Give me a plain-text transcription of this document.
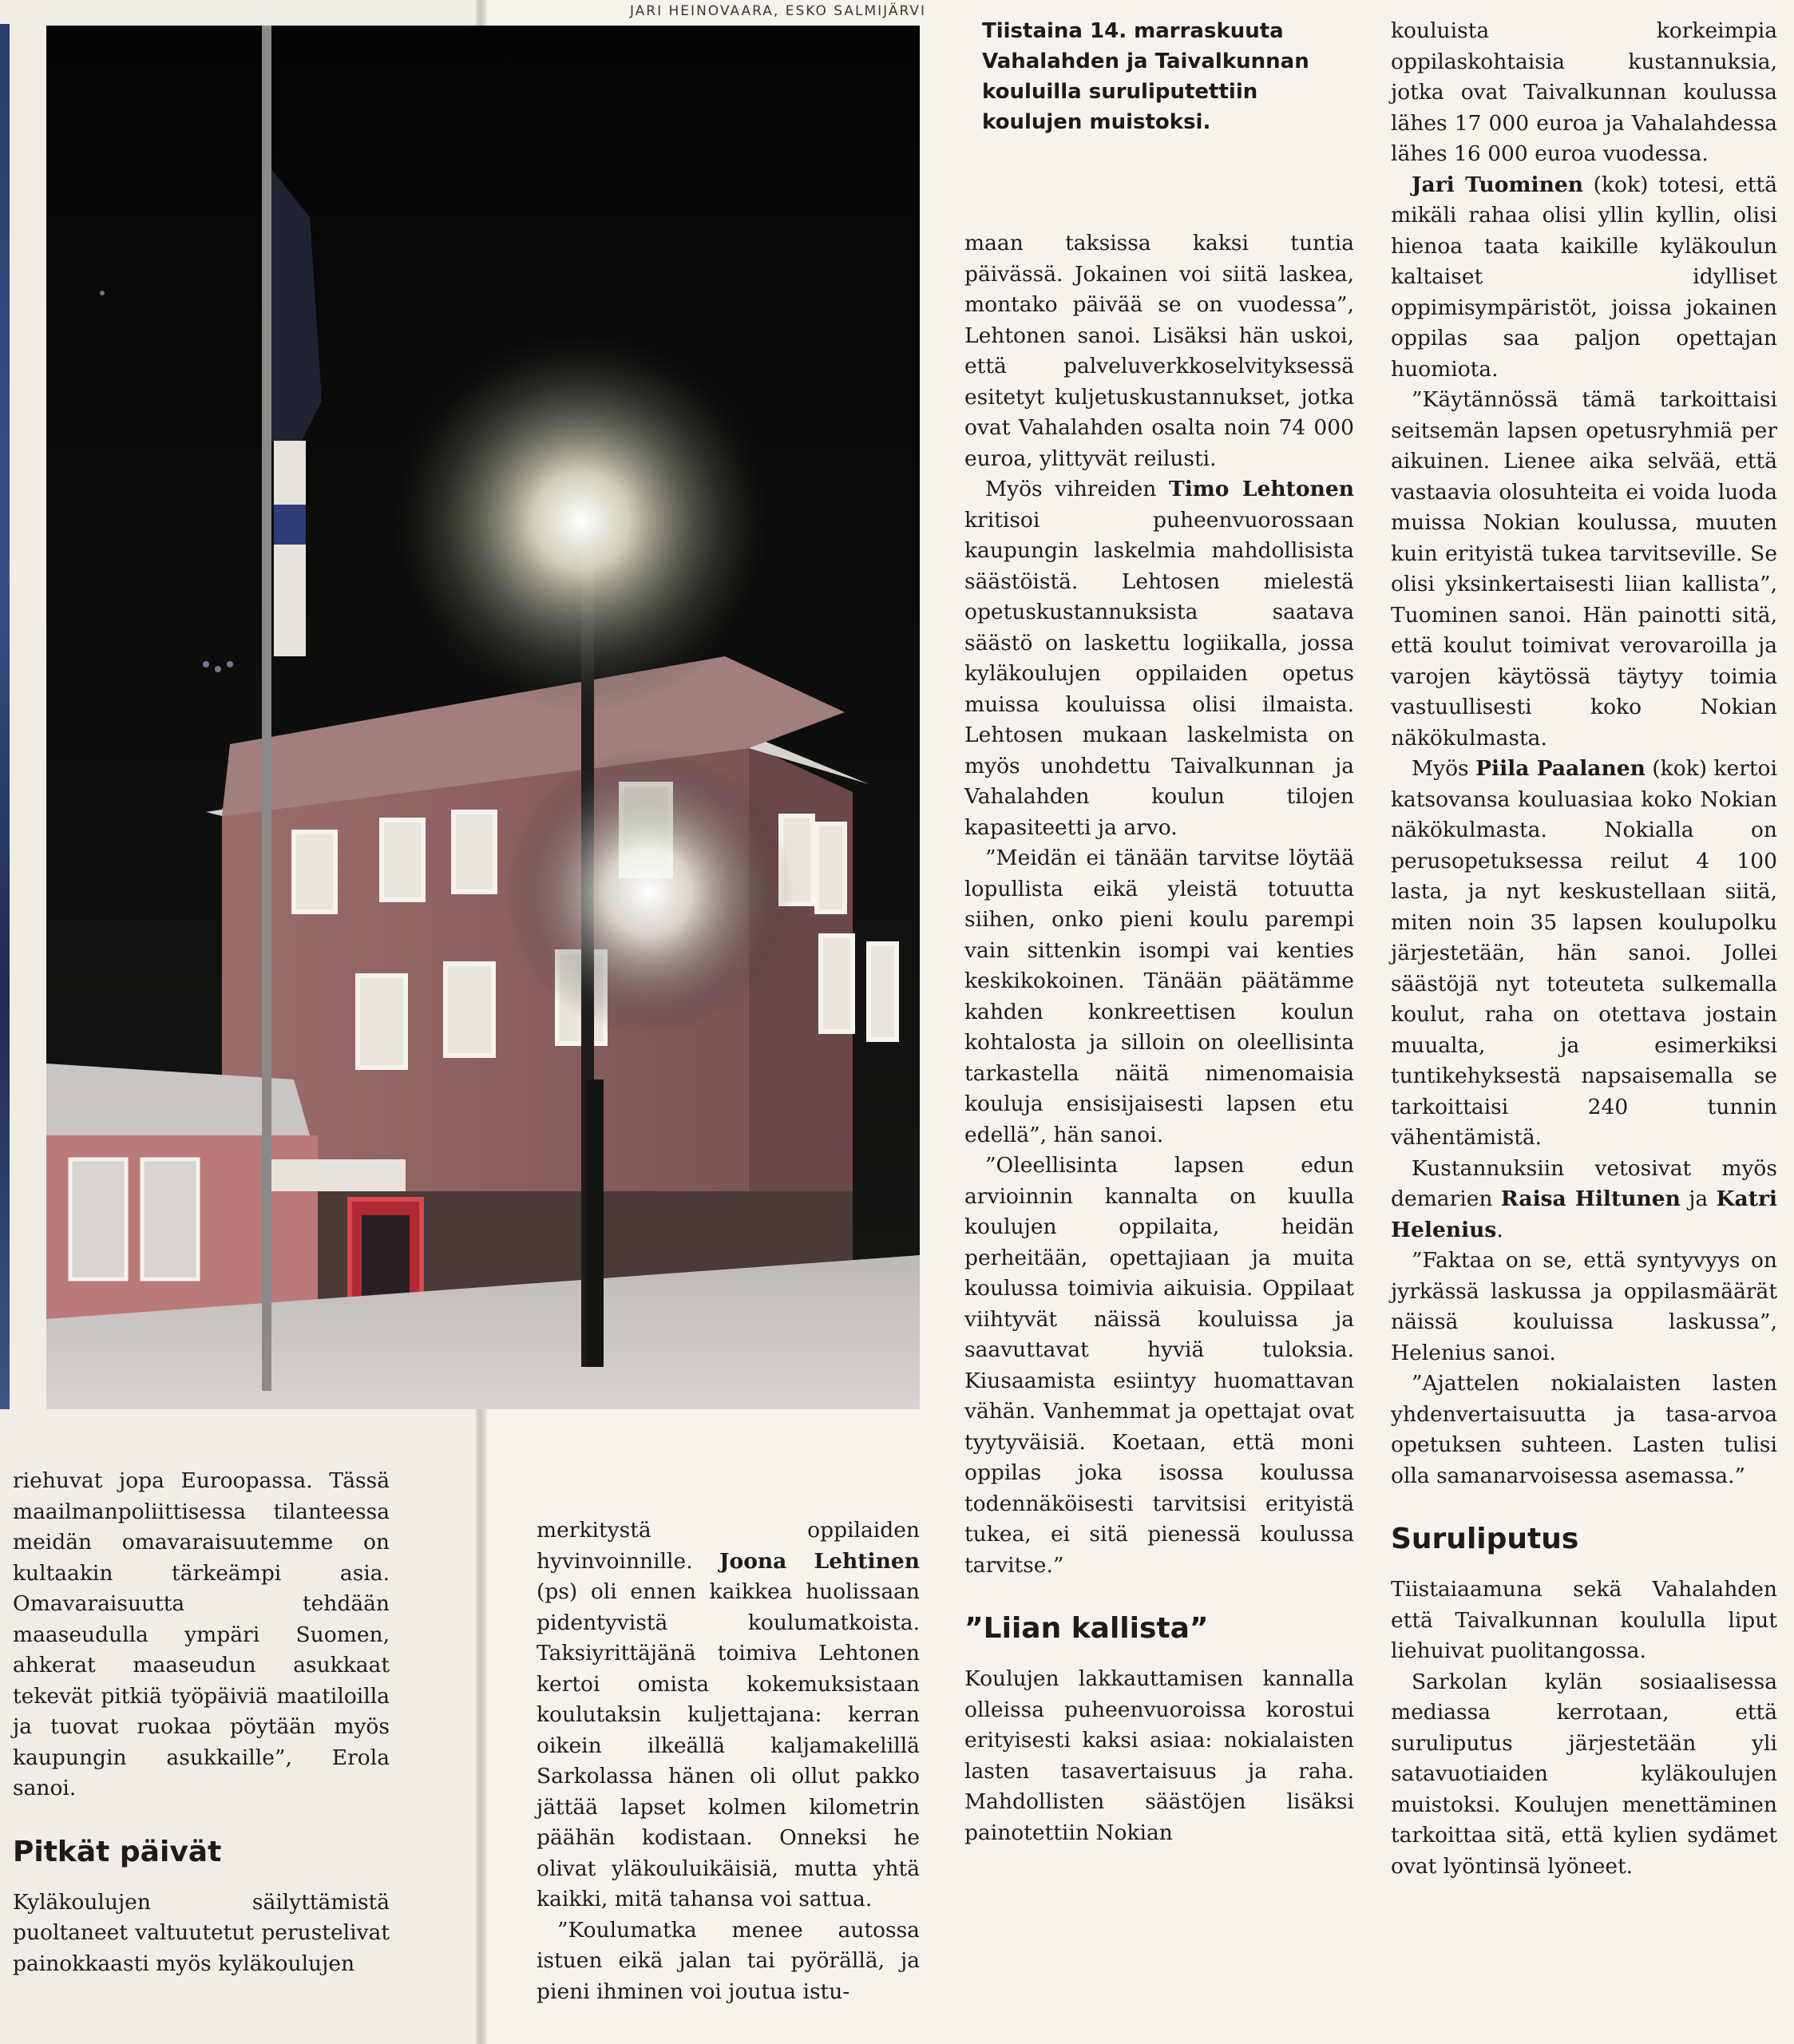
JARI HEINOVAARA, ESKO SALMIJÄRVI
Tiistaina 14. marraskuuta Vahalahden ja Taivalkunnan kouluilla suruliputettiin koulujen muistoksi.

riehuvat jopa Euroopassa. Tässä maailmanpoliittisessa tilanteessa meidän omavaraisuutemme on kultaakin tärkeämpi asia. Omavaraisuutta tehdään maaseudulla ympäri Suomen, ahkerat maaseudun asukkaat tekevät pitkiä työpäiviä maatiloilla ja tuovat ruokaa pöytään myös kaupungin asukkaille”, Erola sanoi.

Pitkät päivät

Kyläkoulujen säilyttämistä puoltaneet valtuutetut perustelivat painokkaasti myös kyläkoulujen

merkitystä oppilaiden hyvinvoinnille. Joona Lehtinen (ps) oli ennen kaikkea huolissaan pidentyvistä koulumatkoista. Taksiyrittäjänä toimiva Lehtonen kertoi omista kokemuksistaan koulutaksin kuljettajana: kerran oikein ilkeällä kaljamakelillä Sarkolassa hänen oli ollut pakko jättää lapset kolmen kilometrin päähän kodistaan. Onneksi he olivat yläkouluikäisiä, mutta yhtä kaikki, mitä tahansa voi sattua.

”Koulumatka menee autossa istuen eikä jalan tai pyörällä, ja pieni ihminen voi joutua istu-

maan taksissa kaksi tuntia päivässä. Jokainen voi siitä laskea, montako päivää se on vuodessa”, Lehtonen sanoi. Lisäksi hän uskoi, että palveluverkkoselvityksessä esitetyt kuljetuskustannukset, jotka ovat Vahalahden osalta noin 74 000 euroa, ylittyvät reilusti.

Myös vihreiden Timo Lehtonen kritisoi puheenvuorossaan kaupungin laskelmia mahdollisista säästöistä. Lehtosen mielestä opetuskustannuksista saatava säästö on laskettu logiikalla, jossa kyläkoulujen oppilaiden opetus muissa kouluissa olisi ilmaista. Lehtosen mukaan laskelmista on myös unohdettu Taivalkunnan ja Vahalahden koulun tilojen kapasiteetti ja arvo.

”Meidän ei tänään tarvitse löytää lopullista eikä yleistä totuutta siihen, onko pieni koulu parempi vain sittenkin isompi vai kenties keskikokoinen. Tänään päätämme kahden konkreettisen koulun kohtalosta ja silloin on oleellisinta tarkastella näitä nimenomaisia kouluja ensisijaisesti lapsen etu edellä”, hän sanoi.

”Oleellisinta lapsen edun arvioinnin kannalta on kuulla koulujen oppilaita, heidän perheitään, opettajiaan ja muita koulussa toimivia aikuisia. Oppilaat viihtyvät näissä kouluissa ja saavuttavat hyviä tuloksia. Kiusaamista esiintyy huomattavan vähän. Vanhemmat ja opettajat ovat tyytyväisiä. Koetaan, että moni oppilas joka isossa koulussa todennäköisesti tarvitsisi erityistä tukea, ei sitä pienessä koulussa tarvitse.”

”Liian kallista”

Koulujen lakkauttamisen kannalla olleissa puheenvuoroissa korostui erityisesti kaksi asiaa: nokialaisten lasten tasavertaisuus ja raha. Mahdollisten säästöjen lisäksi painotettiin Nokian

kouluista korkeimpia oppilaskohtaisia kustannuksia, jotka ovat Taivalkunnan koulussa lähes 17 000 euroa ja Vahalahdessa lähes 16 000 euroa vuodessa.

Jari Tuominen (kok) totesi, että mikäli rahaa olisi yllin kyllin, olisi hienoa taata kaikille kyläkoulun kaltaiset idylliset oppimisympäristöt, joissa jokainen oppilas saa paljon opettajan huomiota.

”Käytännössä tämä tarkoittaisi seitsemän lapsen opetusryhmiä per aikuinen. Lienee aika selvää, että vastaavia olosuhteita ei voida luoda muissa Nokian koulussa, muuten kuin erityistä tukea tarvitseville. Se olisi yksinkertaisesti liian kallista”, Tuominen sanoi. Hän painotti sitä, että koulut toimivat verovaroilla ja varojen käytössä täytyy toimia vastuullisesti koko Nokian näkökulmasta.

Myös Piila Paalanen (kok) kertoi katsovansa kouluasiaa koko Nokian näkökulmasta. Nokialla on perusopetuksessa reilut 4 100 lasta, ja nyt keskustellaan siitä, miten noin 35 lapsen koulupolku järjestetään, hän sanoi. Jollei säästöjä nyt toteuteta sulkemalla koulut, raha on otettava jostain muualta, ja esimerkiksi tuntikehyksestä napsaisemalla se tarkoittaisi 240 tunnin vähentämistä.

Kustannuksiin vetosivat myös demarien Raisa Hiltunen ja Katri Helenius.

”Faktaa on se, että syntyvyys on jyrkässä laskussa ja oppilasmäärät näissä kouluissa laskussa”, Helenius sanoi.

”Ajattelen nokialaisten lasten yhdenvertaisuutta ja tasa-arvoa opetuksen suhteen. Lasten tulisi olla samanarvoisessa asemassa.”

Suruliputus

Tiistaiaamuna sekä Vahalahden että Taivalkunnan koululla liput liehuivat puolitangossa.

Sarkolan kylän sosiaalisessa mediassa kerrotaan, että suruliputus järjestetään yli satavuotiaiden kyläkoulujen muistoksi. Koulujen menettäminen tarkoittaa sitä, että kylien sydämet ovat lyöntinsä lyöneet.
